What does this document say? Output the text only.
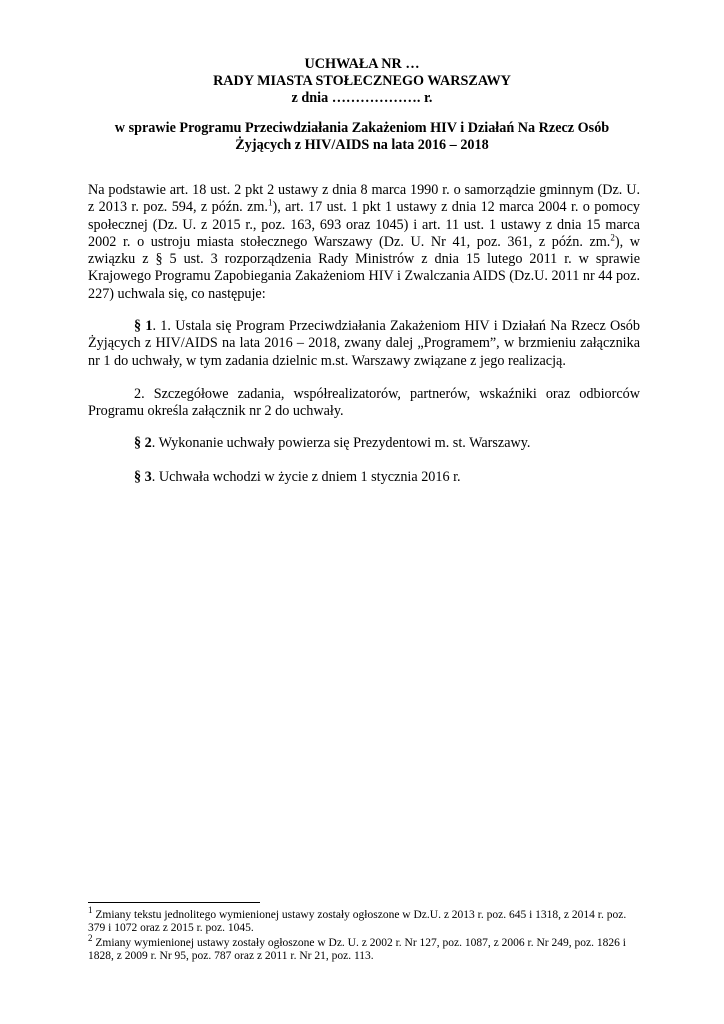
UCHWAŁA NR …
RADY MIASTA STOŁECZNEGO WARSZAWY
z dnia ………………. r.
w sprawie Programu Przeciwdziałania Zakażeniom HIV i Działań Na Rzecz Osób
Żyjących z HIV/AIDS na lata 2016 – 2018
Na podstawie art. 18 ust. 2 pkt 2 ustawy z dnia 8 marca 1990 r. o samorządzie gminnym (Dz. U. z 2013 r. poz. 594, z późn. zm.$^1$), art. 17 ust. 1 pkt 1 ustawy z dnia 12 marca 2004 r. o pomocy społecznej (Dz. U. z 2015 r., poz. 163, 693 oraz 1045) i art. 11 ust. 1 ustawy z dnia 15 marca 2002 r. o ustroju miasta stołecznego Warszawy (Dz. U. Nr 41, poz. 361, z późn. zm.$^2$), w związku z § 5 ust. 3 rozporządzenia Rady Ministrów z dnia 15 lutego 2011 r. w sprawie Krajowego Programu Zapobiegania Zakażeniom HIV i Zwalczania AIDS (Dz.U. 2011 nr 44 poz. 227) uchwala się, co następuje:
§ 1. 1. Ustala się Program Przeciwdziałania Zakażeniom HIV i Działań Na Rzecz Osób Żyjących z HIV/AIDS na lata 2016 – 2018, zwany dalej „Programem”, w brzmieniu załącznika nr 1 do uchwały, w tym zadania dzielnic m.st. Warszawy związane z jego realizacją.
2. Szczegółowe zadania, współrealizatorów, partnerów, wskaźniki oraz odbiorców Programu określa załącznik nr 2 do uchwały.
§ 2. Wykonanie uchwały powierza się Prezydentowi m. st. Warszawy.
§ 3. Uchwała wchodzi w życie z dniem 1 stycznia 2016 r.
$^1$ Zmiany tekstu jednolitego wymienionej ustawy zostały ogłoszone w Dz.U. z 2013 r. poz. 645 i 1318, z 2014 r. poz. 379 i 1072 oraz z 2015 r. poz. 1045.
$^2$ Zmiany wymienionej ustawy zostały ogłoszone w Dz. U. z 2002 r. Nr 127, poz. 1087, z 2006 r. Nr 249, poz. 1826 i 1828, z 2009 r. Nr 95, poz. 787 oraz z 2011 r. Nr 21, poz. 113.
